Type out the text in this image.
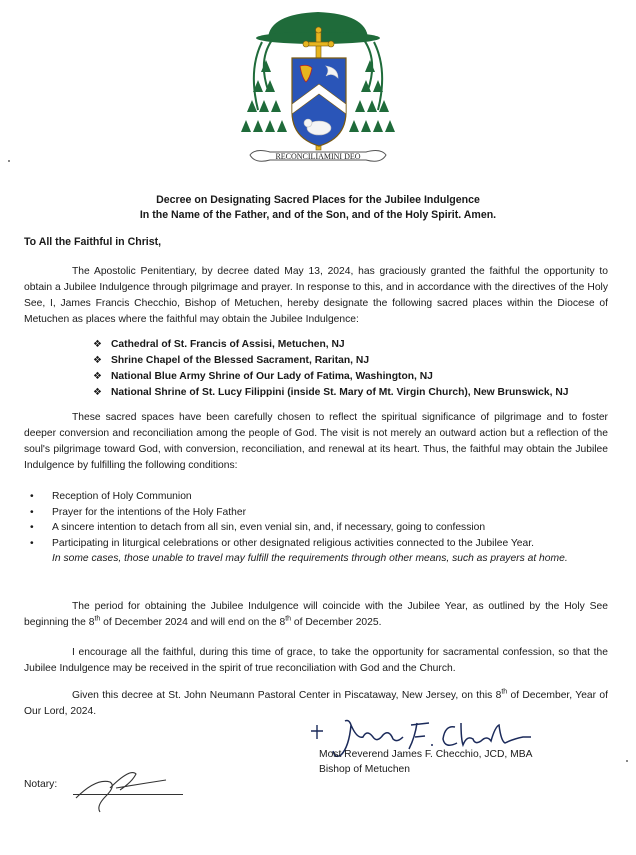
RECONCILIAMINI DEO
Decree on Designating Sacred Places for the Jubilee Indulgence
In the Name of the Father, and of the Son, and of the Holy Spirit. Amen.
To All the Faithful in Christ,

The Apostolic Penitentiary, by decree dated May 13, 2024, has graciously granted the faithful the opportunity to obtain a Jubilee Indulgence through pilgrimage and prayer. In response to this, and in accordance with the directives of the Holy See, I, James Francis Checchio, Bishop of Metuchen, hereby designate the following sacred places within the Diocese of Metuchen as places where the faithful may obtain the Jubilee Indulgence:

❖ Cathedral of St. Francis of Assisi, Metuchen, NJ
❖ Shrine Chapel of the Blessed Sacrament, Raritan, NJ
❖ National Blue Army Shrine of Our Lady of Fatima, Washington, NJ
❖ National Shrine of St. Lucy Filippini (inside St. Mary of Mt. Virgin Church), New Brunswick, NJ

These sacred spaces have been carefully chosen to reflect the spiritual significance of pilgrimage and to foster deeper conversion and reconciliation among the people of God. The visit is not merely an outward action but a reflection of the soul's pilgrimage toward God, with conversion, reconciliation, and renewal at its heart. Thus, the faithful may obtain the Jubilee Indulgence by fulfilling the following conditions:

• Reception of Holy Communion
• Prayer for the intentions of the Holy Father
• A sincere intention to detach from all sin, even venial sin, and, if necessary, going to confession
• Participating in liturgical celebrations or other designated religious activities connected to the Jubilee Year.
In some cases, those unable to travel may fulfill the requirements through other means, such as prayers at home.

The period for obtaining the Jubilee Indulgence will coincide with the Jubilee Year, as outlined by the Holy See beginning the 8th of December 2024 and will end on the 8th of December 2025.

I encourage all the faithful, during this time of grace, to take the opportunity for sacramental confession, so that the Jubilee Indulgence may be received in the spirit of true reconciliation with God and the Church.

Given this decree at St. John Neumann Pastoral Center in Piscataway, New Jersey, on this 8th of December, Year of Our Lord, 2024.

Most Reverend James F. Checchio, JCD, MBA
Bishop of Metuchen
Notary:
